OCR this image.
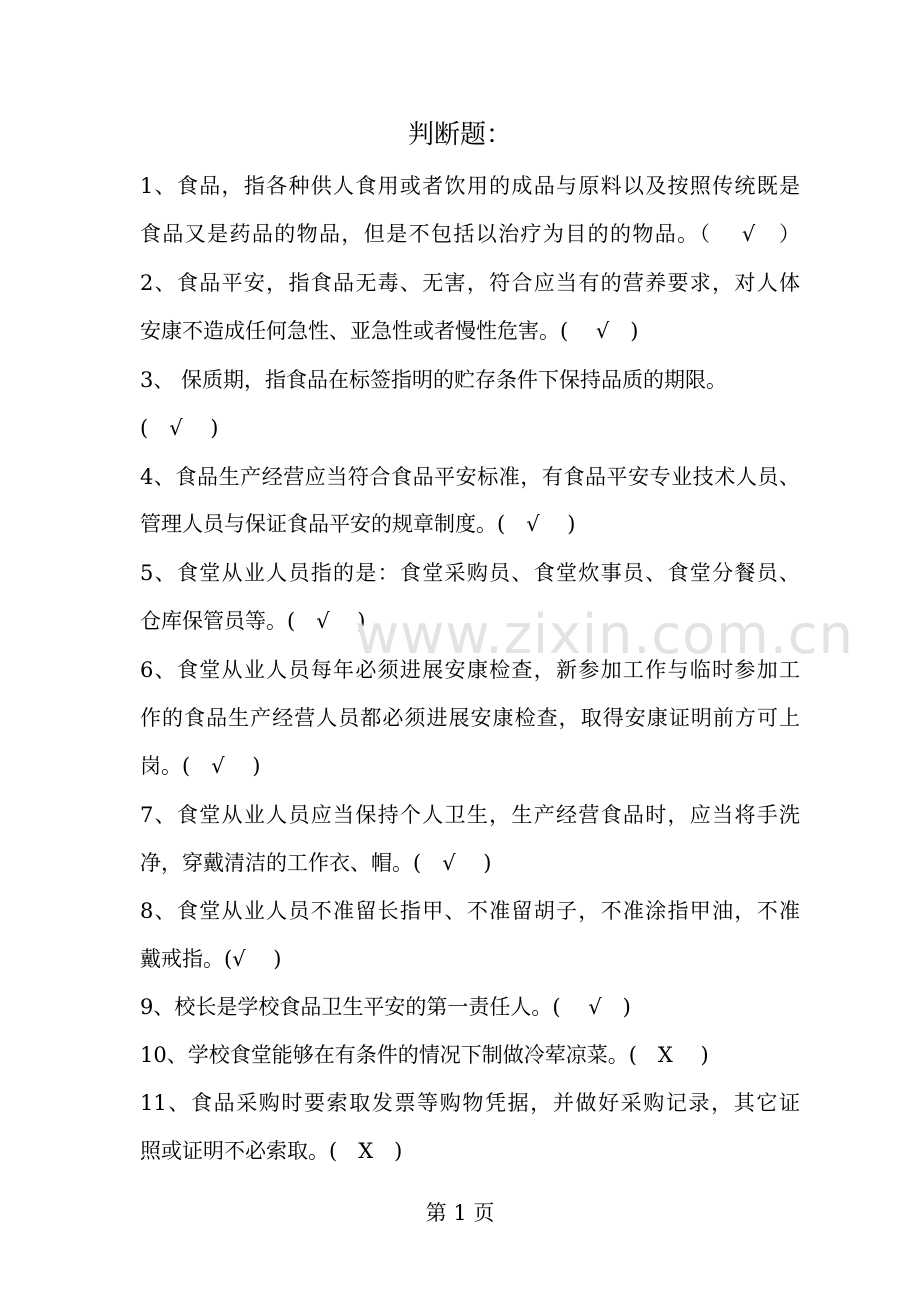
判断题：
1、食品，指各种供人食用或者饮用的成品与原料以及按照传统既是
食品又是药品的物品，但是不包括以治疗为目的的物品。（　 √　）
2、食品平安，指食品无毒、无害，符合应当有的营养要求，对人体
安康不造成任何急性、亚急性或者慢性危害。(　 √　)
3、 保质期，指食品在标签指明的贮存条件下保持品质的期限。
(　√　 )
4、食品生产经营应当符合食品平安标准，有食品平安专业技术人员、
管理人员与保证食品平安的规章制度。(　√　 )
5、食堂从业人员指的是：食堂采购员、食堂炊事员、食堂分餐员、
仓库保管员等。(　√　 )
6、食堂从业人员每年必须进展安康检查，新参加工作与临时参加工
作的食品生产经营人员都必须进展安康检查，取得安康证明前方可上
岗。(　√　 )
7、食堂从业人员应当保持个人卫生，生产经营食品时，应当将手洗
净，穿戴清洁的工作衣、帽。(　√　 )
8、食堂从业人员不准留长指甲、不准留胡子，不准涂指甲油，不准
戴戒指。(√　 )
9、校长是学校食品卫生平安的第一责任人。(　 √　)
10、学校食堂能够在有条件的情况下制做冷荤凉菜。(　X　 )
11、食品采购时要索取发票等购物凭据，并做好采购记录，其它证
照或证明不必索取。(　X　)
www.zixin.com.cn
第 1 页
